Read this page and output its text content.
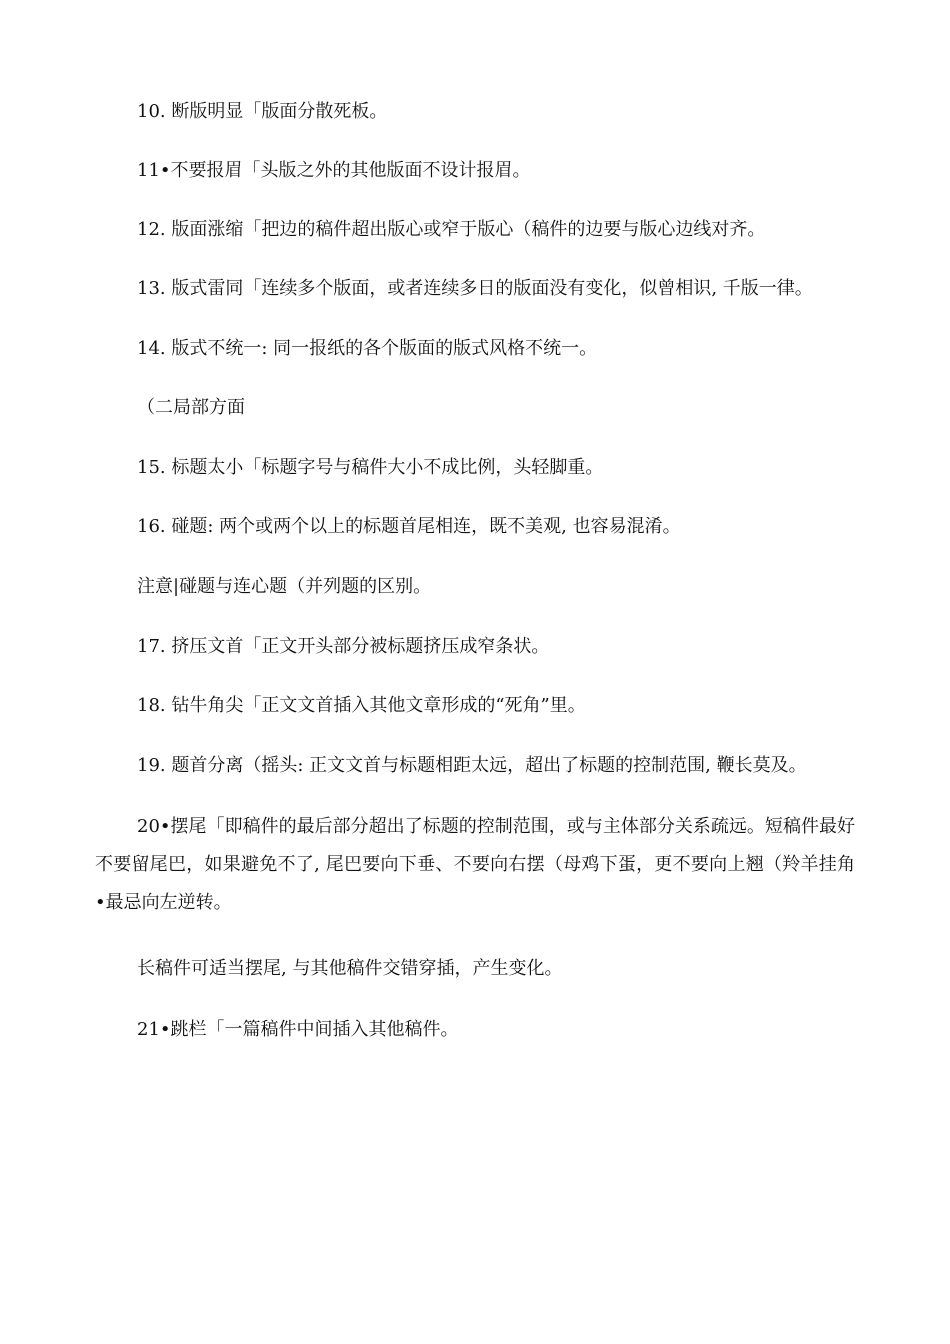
10. 断版明显「版面分散死板。
11•不要报眉「头版之外的其他版面不设计报眉。
12. 版面涨缩「把边的稿件超出版心或窄于版心（稿件的边要与版心边线对齐。
13. 版式雷同「连续多个版面，或者连续多日的版面没有变化，似曾相识, 千版一律。
14. 版式不统一: 同一报纸的各个版面的版式风格不统一。
（二局部方面
15. 标题太小「标题字号与稿件大小不成比例，头轻脚重。
16. 碰题: 两个或两个以上的标题首尾相连，既不美观, 也容易混淆。
注意|碰题与连心题（并列题的区别。
17. 挤压文首「正文开头部分被标题挤压成窄条状。
18. 钻牛角尖「正文文首插入其他文章形成的“死角”里。
19. 题首分离（摇头: 正文文首与标题相距太远，超出了标题的控制范围, 鞭长莫及。
20•摆尾「即稿件的最后部分超出了标题的控制范围，或与主体部分关系疏远。短稿件最好不要留尾巴，如果避免不了, 尾巴要向下垂、不要向右摆（母鸡下蛋，更不要向上翘（羚羊挂角•最忌向左逆转。
长稿件可适当摆尾, 与其他稿件交错穿插，产生变化。
21•跳栏「一篇稿件中间插入其他稿件。
